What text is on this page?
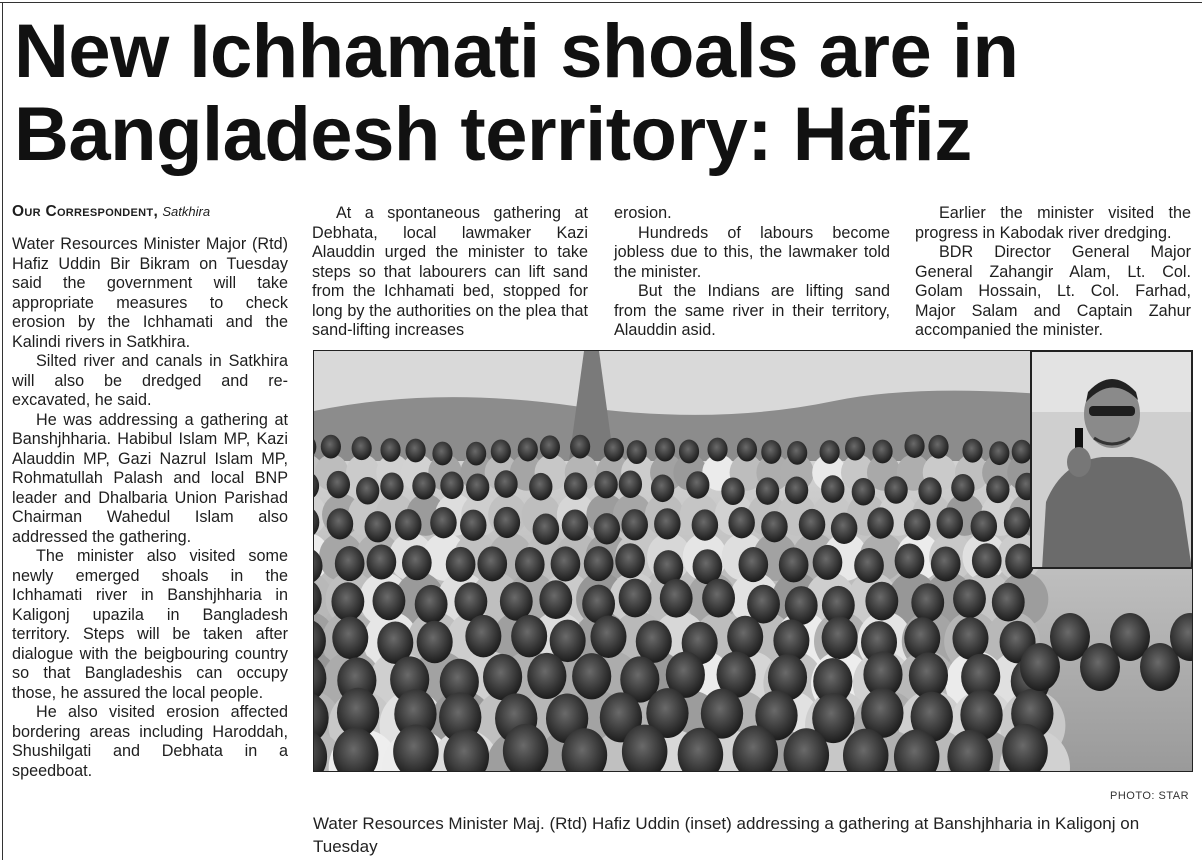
New Ichhamati shoals are in Bangladesh territory: Hafiz
Our Correspondent, Satkhira

Water Resources Minister Major (Rtd) Hafiz Uddin Bir Bikram on Tuesday said the government will take appropriate measures to check erosion by the Ichhamati and the Kalindi rivers in Satkhira.

Silted river and canals in Satkhira will also be dredged and re-excavated, he said.

He was addressing a gathering at Banshjhharia. Habibul Islam MP, Kazi Alauddin MP, Gazi Nazrul Islam MP, Rohmatullah Palash and local BNP leader and Dhalbaria Union Parishad Chairman Wahedul Islam also addressed the gathering.

The minister also visited some newly emerged shoals in the Ichhamati river in Banshjhharia in Kaligonj upazila in Bangladesh territory. Steps will be taken after dialogue with the beigbouring country so that Bangladeshis can occupy those, he assured the local people.

He also visited erosion affected bordering areas including Haroddah, Shushilgati and Debhata in a speedboat.

At a spontaneous gathering at Debhata, local lawmaker Kazi Alauddin urged the minister to take steps so that labourers can lift sand from the Ichhamati bed, stopped for long by the authorities on the plea that sand-lifting increases

erosion.

Hundreds of labours become jobless due to this, the lawmaker told the minister.

But the Indians are lifting sand from the same river in their territory, Alauddin asid.

Earlier the minister visited the progress in Kabodak river dredging.

BDR Director General Major General Zahangir Alam, Lt. Col. Golam Hossain, Lt. Col. Farhad, Major Salam and Captain Zahur accompanied the minister.

PHOTO: STAR
Water Resources Minister Maj. (Rtd) Hafiz Uddin (inset) addressing a gathering at Banshjhharia in Kaligonj on Tuesday
